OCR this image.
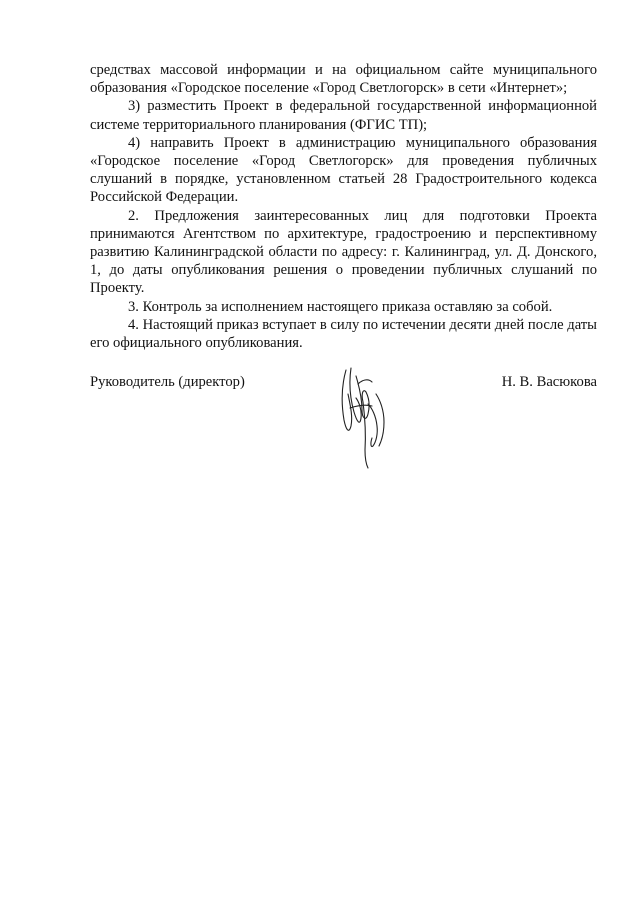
средствах массовой информации и на официальном сайте муниципального образования «Городское поселение «Город Светлогорск» в сети «Интернет»;

3) разместить Проект в федеральной государственной информационной системе территориального планирования (ФГИС ТП);

4) направить Проект в администрацию муниципального образования «Городское поселение «Город Светлогорск» для проведения публичных слушаний в порядке, установленном статьей 28 Градостроительного кодекса Российской Федерации.

2. Предложения заинтересованных лиц для подготовки Проекта принимаются Агентством по архитектуре, градостроению и перспективному развитию Калининградской области по адресу: г. Калининград, ул. Д. Донского, 1, до даты опубликования решения о проведении публичных слушаний по Проекту.

3. Контроль за исполнением настоящего приказа оставляю за собой.

4. Настоящий приказ вступает в силу по истечении десяти дней после даты его официального опубликования.

Руководитель (директор)	Н. В. Васюкова
